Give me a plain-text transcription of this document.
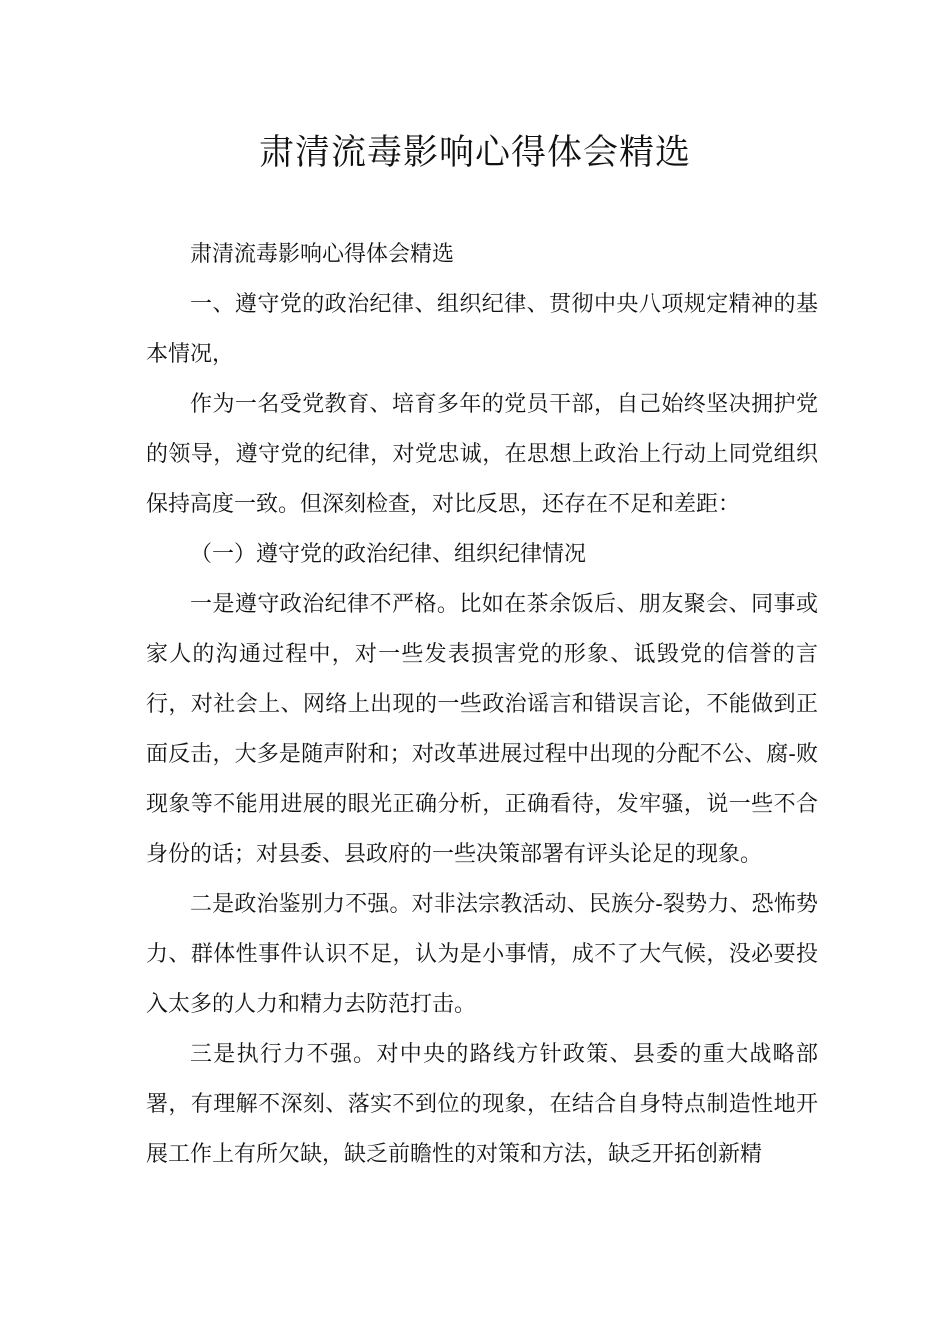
肃清流毒影响心得体会精选

肃清流毒影响心得体会精选

一、遵守党的政治纪律、组织纪律、贯彻中央八项规定精神的基本情况，

作为一名受党教育、培育多年的党员干部，自己始终坚决拥护党的领导，遵守党的纪律，对党忠诚，在思想上政治上行动上同党组织保持高度一致。但深刻检查，对比反思，还存在不足和差距：

（一）遵守党的政治纪律、组织纪律情况

一是遵守政治纪律不严格。比如在茶余饭后、朋友聚会、同事或家人的沟通过程中，对一些发表损害党的形象、诋毁党的信誉的言行，对社会上、网络上出现的一些政治谣言和错误言论，不能做到正面反击，大多是随声附和；对改革进展过程中出现的分配不公、腐-败现象等不能用进展的眼光正确分析，正确看待，发牢骚，说一些不合身份的话；对县委、县政府的一些决策部署有评头论足的现象。

二是政治鉴别力不强。对非法宗教活动、民族分-裂势力、恐怖势力、群体性事件认识不足，认为是小事情，成不了大气候，没必要投入太多的人力和精力去防范打击。

三是执行力不强。对中央的路线方针政策、县委的重大战略部署，有理解不深刻、落实不到位的现象，在结合自身特点制造性地开展工作上有所欠缺，缺乏前瞻性的对策和方法，缺乏开拓创新精
